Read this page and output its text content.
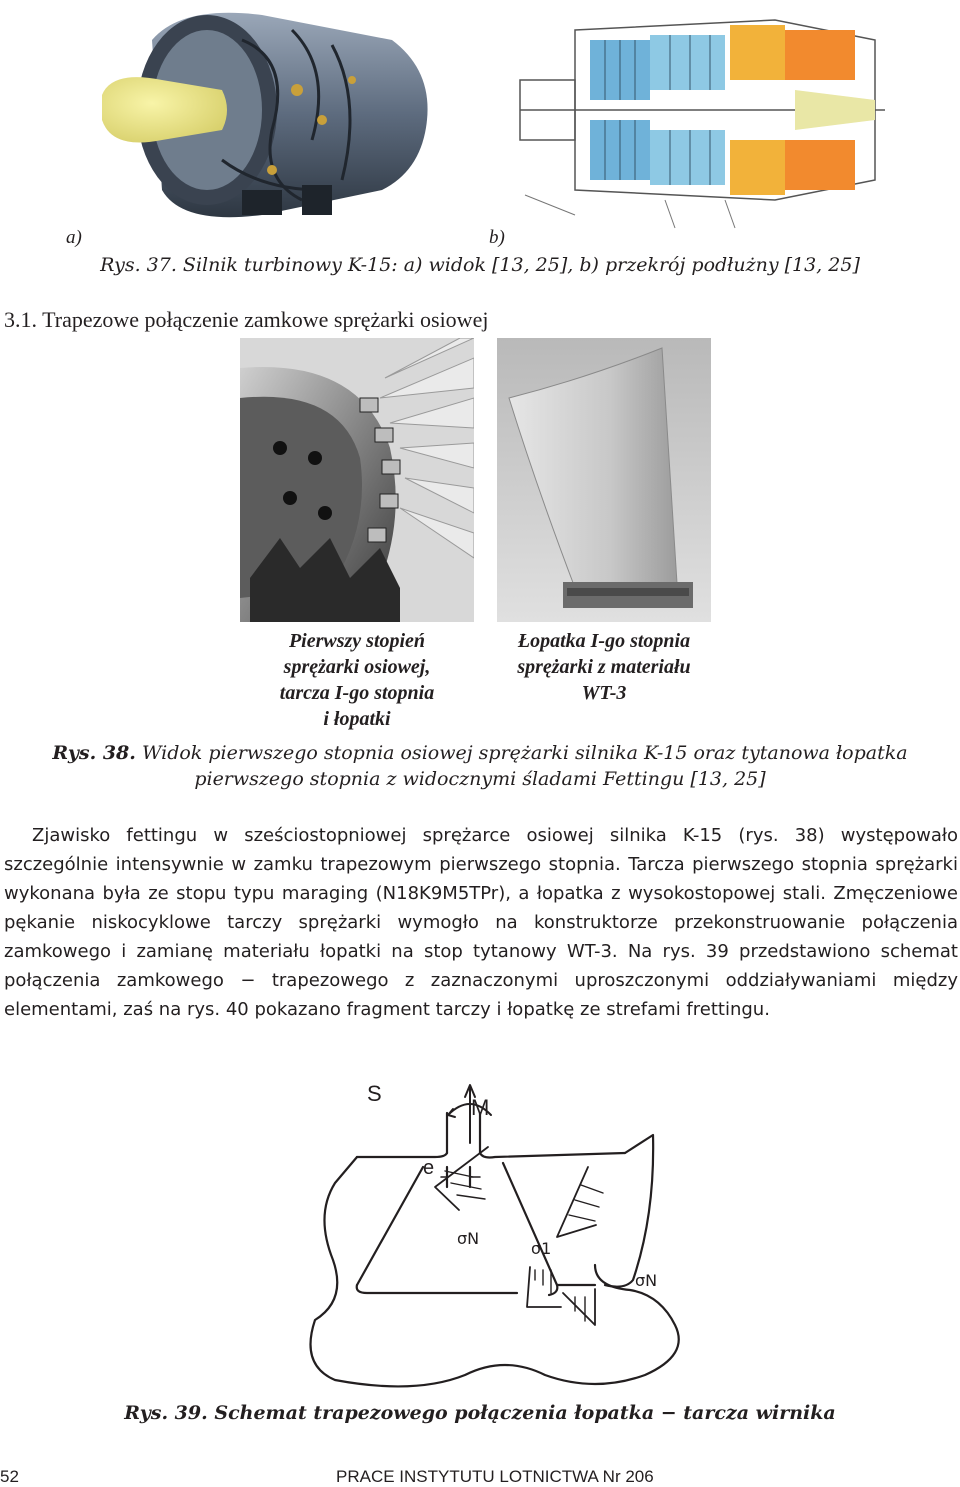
a)	b)
Rys. 37. Silnik turbinowy K-15: a) widok [13, 25], b) przekrój podłużny [13, 25]
3.1. Trapezowe połączenie zamkowe sprężarki osiowej
Pierwszy stopień
sprężarki osiowej,
tarcza I-go stopnia
i łopatki
Łopatka I-go stopnia
sprężarki z materiału
WT-3
Rys. 38. Widok pierwszego stopnia osiowej sprężarki silnika K-15 oraz tytanowa łopatka
pierwszego stopnia z widocznymi śladami Fettingu [13, 25]

Zjawisko fettingu w sześciostopniowej sprężarce osiowej silnika K-15 (rys. 38) występowało szczególnie intensywnie w zamku trapezowym pierwszego stopnia. Tarcza pierwszego stopnia sprężarki wykonana była ze stopu typu maraging (N18K9M5TPr), a łopatka z wysokostopowej stali. Zmęczeniowe pękanie niskocyklowe tarczy sprężarki wymogło na konstruktorze przekonstruowanie połączenia zamkowego i zamianę materiału łopatki na stop tytanowy WT-3. Na rys. 39 przedstawiono schemat połączenia zamkowego − trapezowego z zaznaczonymi uproszczonymi oddziaływaniami między elementami, zaś na rys. 40 pokazano fragment tarczy i łopatkę ze strefami frettingu.

S
M
e
σN
σ1
σN
Rys. 39. Schemat trapezowego połączenia łopatka − tarcza wirnika
52	PRACE INSTYTUTU LOTNICTWA Nr 206
